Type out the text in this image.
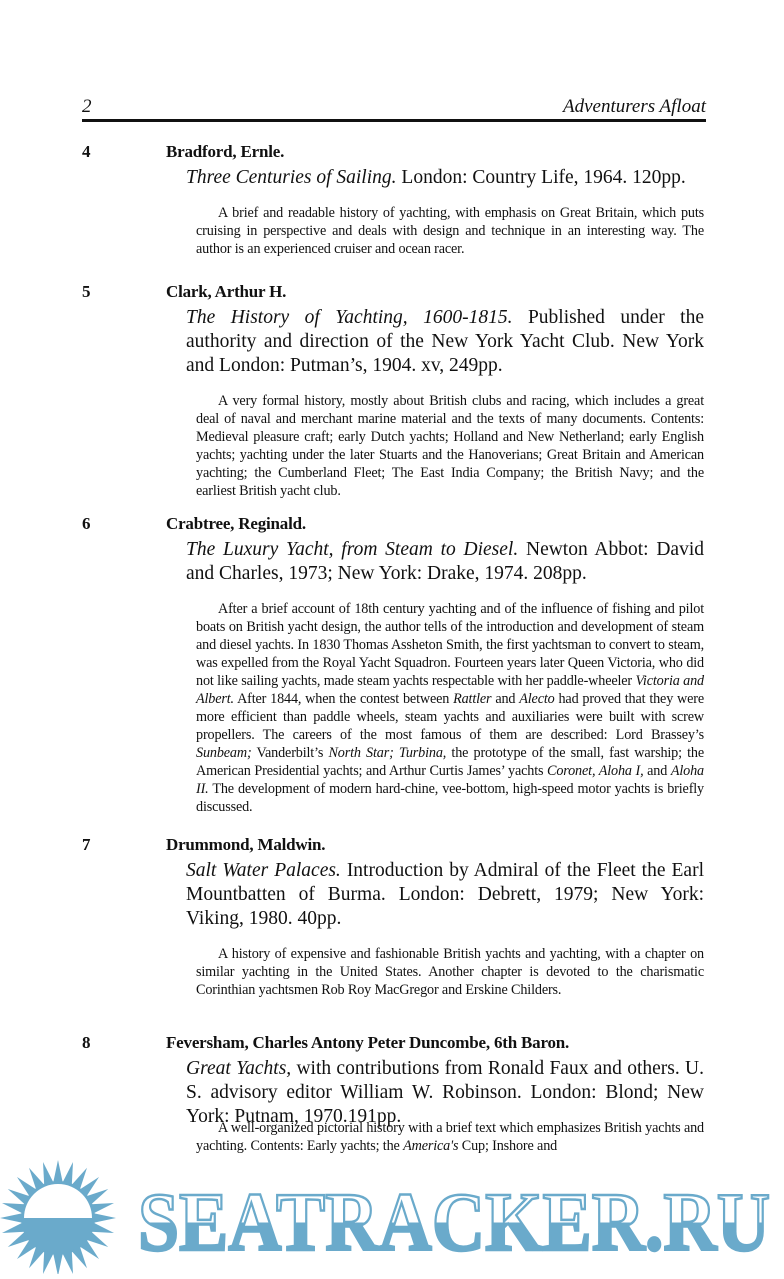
2	Adventurers Afloat
4	Bradford, Ernle.
Three Centuries of Sailing. London: Country Life, 1964. 120pp.
A brief and readable history of yachting, with emphasis on Great Britain, which puts cruising in perspective and deals with design and technique in an interesting way. The author is an experienced cruiser and ocean racer.
5	Clark, Arthur H.
The History of Yachting, 1600-1815. Published under the authority and direction of the New York Yacht Club. New York and London: Putman’s, 1904. xv, 249pp.
A very formal history, mostly about British clubs and racing, which includes a great deal of naval and merchant marine material and the texts of many documents. Contents: Medieval pleasure craft; early Dutch yachts; Holland and New Netherland; early English yachts; yachting under the later Stuarts and the Hanoverians; Great Britain and American yachting; the Cumberland Fleet; The East India Company; the British Navy; and the earliest British yacht club.
6	Crabtree, Reginald.
The Luxury Yacht, from Steam to Diesel. Newton Abbot: David and Charles, 1973; New York: Drake, 1974. 208pp.
After a brief account of 18th century yachting and of the influence of fishing and pilot boats on British yacht design, the author tells of the introduction and development of steam and diesel yachts. In 1830 Thomas Assheton Smith, the first yachtsman to convert to steam, was expelled from the Royal Yacht Squadron. Fourteen years later Queen Victoria, who did not like sailing yachts, made steam yachts respectable with her paddle-wheeler Victoria and Albert. After 1844, when the contest between Rattler and Alecto had proved that they were more efficient than paddle wheels, steam yachts and auxiliaries were built with screw propellers. The careers of the most famous of them are described: Lord Brassey’s Sunbeam; Vanderbilt’s North Star; Turbina, the prototype of the small, fast warship; the American Presidential yachts; and Arthur Curtis James’ yachts Coronet, Aloha I, and Aloha II. The development of modern hard-chine, vee-bottom, high-speed motor yachts is briefly discussed.
7	Drummond, Maldwin.
Salt Water Palaces. Introduction by Admiral of the Fleet the Earl Mountbatten of Burma. London: Debrett, 1979; New York: Viking, 1980. 40pp.
A history of expensive and fashionable British yachts and yachting, with a chapter on similar yachting in the United States. Another chapter is devoted to the charismatic Corinthian yachtsmen Rob Roy MacGregor and Erskine Childers.
8	Feversham, Charles Antony Peter Duncombe, 6th Baron.
Great Yachts, with contributions from Ronald Faux and others. U. S. advisory editor William W. Robinson. London: Blond; New York: Putnam, 1970.191pp.
A well-organized pictorial history with a brief text which emphasizes British yachts and yachting. Contents: Early yachts; the America's Cup; Inshore and
SEATRACKER.RU
